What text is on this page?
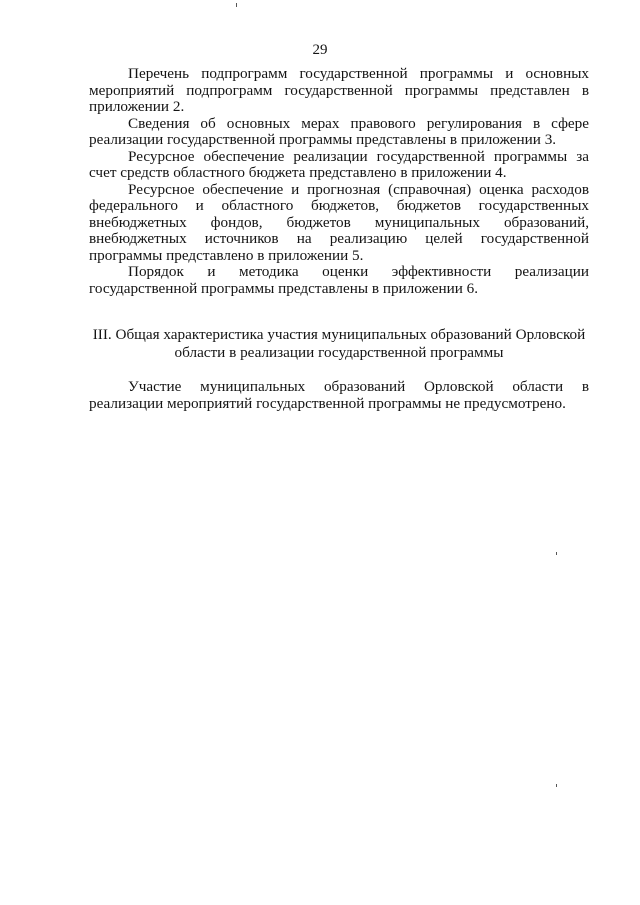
29

Перечень подпрограмм государственной программы и основных мероприятий подпрограмм государственной программы представлен в приложении 2.

Сведения об основных мерах правового регулирования в сфере реализации государственной программы представлены в приложении 3.

Ресурсное обеспечение реализации государственной программы за счет средств областного бюджета представлено в приложении 4.

Ресурсное обеспечение и прогнозная (справочная) оценка расходов федерального и областного бюджетов, бюджетов государственных внебюджетных фондов, бюджетов муниципальных образований, внебюджетных источников на реализацию целей государственной программы представлено в приложении 5.

Порядок и методика оценки эффективности реализации государственной программы представлены в приложении 6.

III. Общая характеристика участия муниципальных образований Орловской
области в реализации государственной программы

Участие муниципальных образований Орловской области в реализации мероприятий государственной программы не предусмотрено.
